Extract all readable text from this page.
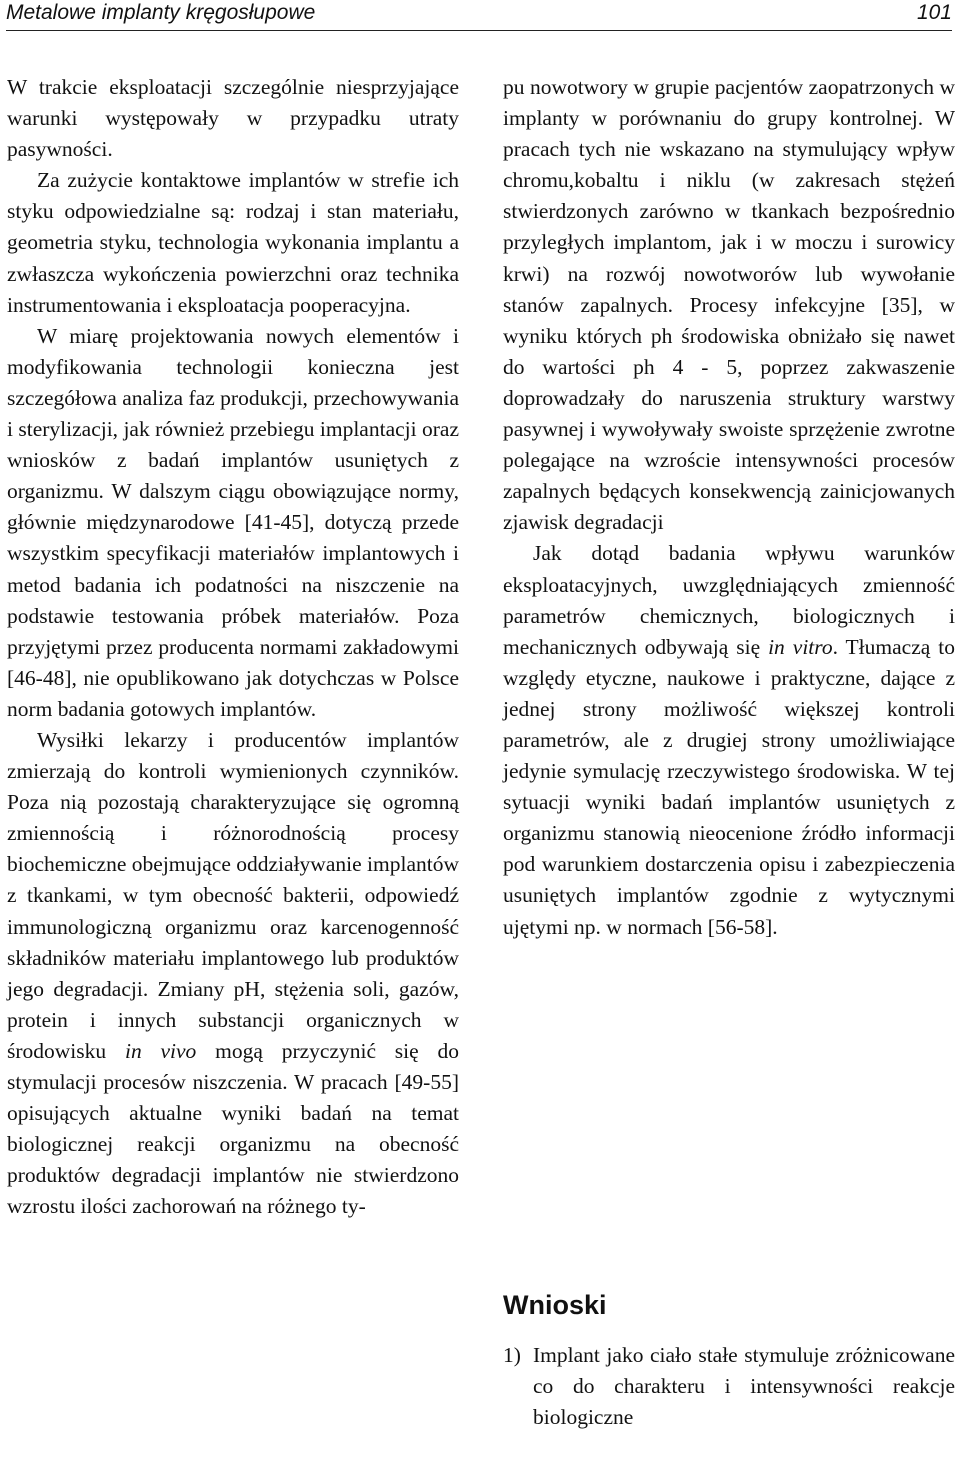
Metalowe implanty kręgosłupowe	101

W trakcie eksploatacji szczególnie niesprzyjające warunki występowały w przypadku utraty pasywności.

Za zużycie kontaktowe implantów w strefie ich styku odpowiedzialne są: rodzaj i stan materiału, geometria styku, technologia wykonania implantu a zwłaszcza wykończenia powierzchni oraz technika instrumentowania i eksploatacja pooperacyjna.

W miarę projektowania nowych elementów i modyfikowania technologii konieczna jest szczegółowa analiza faz produkcji, przechowywania i sterylizacji, jak również przebiegu implantacji oraz wniosków z badań implantów usuniętych z organizmu. W dalszym ciągu obowiązujące normy, głównie międzynarodowe [41-45], dotyczą przede wszystkim specyfikacji materiałów implantowych i metod badania ich podatności na niszczenie na podstawie testowania próbek materiałów. Poza przyjętymi przez producenta normami zakładowymi [46-48], nie opublikowano jak dotychczas w Polsce norm badania gotowych implantów.

Wysiłki lekarzy i producentów implantów zmierzają do kontroli wymienionych czynników. Poza nią pozostają charakteryzujące się ogromną zmiennością i różnorodnością procesy biochemiczne obejmujące oddziaływanie implantów z tkankami, w tym obecność bakterii, odpowiedź immunologiczną organizmu oraz karcenogenność składników materiału implantowego lub produktów jego degradacji. Zmiany pH, stężenia soli, gazów, protein i innych substancji organicznych w środowisku in vivo mogą przyczynić się do stymulacji procesów niszczenia. W pracach [49-55] opisujących aktualne wyniki badań na temat biologicznej reakcji organizmu na obecność produktów degradacji implantów nie stwierdzono wzrostu ilości zachorowań na różnego ty-

pu nowotwory w grupie pacjentów zaopatrzonych w implanty w porównaniu do grupy kontrolnej. W pracach tych nie wskazano na stymulujący wpływ chromu,kobaltu i niklu (w zakresach stężeń stwierdzonych zarówno w tkankach bezpośrednio przyległych implantom, jak i w moczu i surowicy krwi) na rozwój nowotworów lub wywołanie stanów zapalnych. Procesy infekcyjne [35], w wyniku których ph środowiska obniżało się nawet do wartości ph 4 - 5, poprzez zakwaszenie doprowadzały do naruszenia struktury warstwy pasywnej i wywoływały swoiste sprzężenie zwrotne polegające na wzroście intensywności procesów zapalnych będących konsekwencją zainicjowanych zjawisk degradacji

Jak dotąd badania wpływu warunków eksploatacyjnych, uwzględniających zmienność parametrów chemicznych, biologicznych i mechanicznych odbywają się in vitro. Tłumaczą to względy etyczne, naukowe i praktyczne, dające z jednej strony możliwość większej kontroli parametrów, ale z drugiej strony umożliwiające jedynie symulację rzeczywistego środowiska. W tej sytuacji wyniki badań implantów usuniętych z organizmu stanowią nieocenione źródło informacji pod warunkiem dostarczenia opisu i zabezpieczenia usuniętych implantów zgodnie z wytycznymi ujętymi np. w normach [56-58].

Wnioski
1) Implant jako ciało stałe stymuluje zróżnicowane co do charakteru i intensywności reakcje biologiczne
